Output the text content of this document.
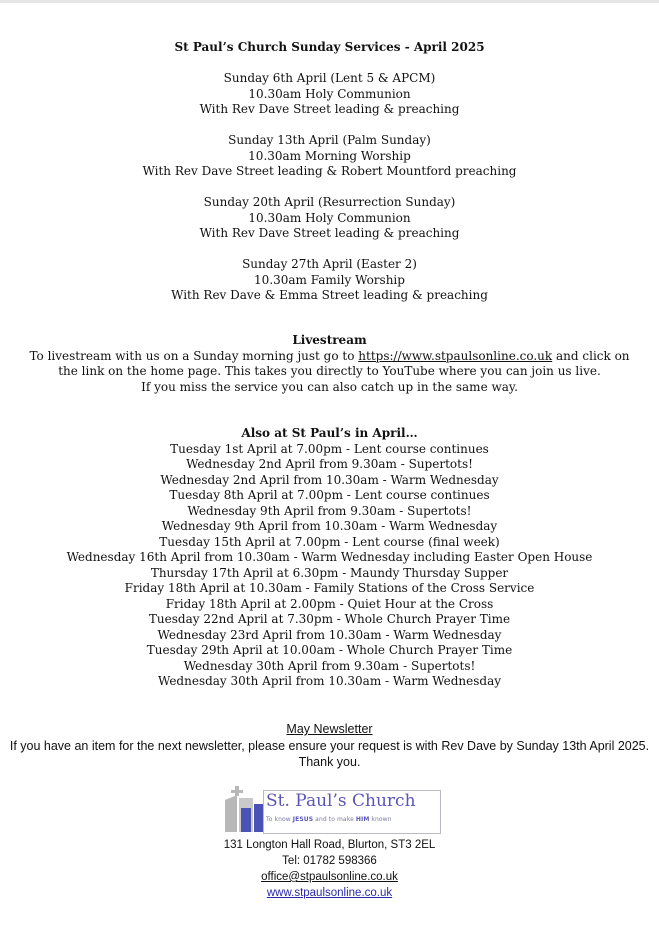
St Paul’s Church Sunday Services - April 2025
Sunday 6th April (Lent 5 & APCM)
10.30am Holy Communion
With Rev Dave Street leading & preaching
Sunday 13th April (Palm Sunday)
10.30am Morning Worship
With Rev Dave Street leading & Robert Mountford preaching
Sunday 20th April (Resurrection Sunday)
10.30am Holy Communion
With Rev Dave Street leading & preaching
Sunday 27th April (Easter 2)
10.30am Family Worship
With Rev Dave & Emma Street leading & preaching
Livestream
To livestream with us on a Sunday morning just go to https://www.stpaulsonline.co.uk and click on
the link on the home page. This takes you directly to YouTube where you can join us live.
If you miss the service you can also catch up in the same way.
Also at St Paul’s in April…
Tuesday 1st April at 7.00pm - Lent course continues
Wednesday 2nd April from 9.30am - Supertots!
Wednesday 2nd April from 10.30am - Warm Wednesday
Tuesday 8th April at 7.00pm - Lent course continues
Wednesday 9th April from 9.30am - Supertots!
Wednesday 9th April from 10.30am - Warm Wednesday
Tuesday 15th April at 7.00pm - Lent course (final week)
Wednesday 16th April from 10.30am - Warm Wednesday including Easter Open House
Thursday 17th April at 6.30pm - Maundy Thursday Supper
Friday 18th April at 10.30am - Family Stations of the Cross Service
Friday 18th April at 2.00pm - Quiet Hour at the Cross
Tuesday 22nd April at 7.30pm - Whole Church Prayer Time
Wednesday 23rd April from 10.30am - Warm Wednesday
Tuesday 29th April at 10.00am - Whole Church Prayer Time
Wednesday 30th April from 9.30am - Supertots!
Wednesday 30th April from 10.30am - Warm Wednesday
May Newsletter
If you have an item for the next newsletter, please ensure your request is with Rev Dave by Sunday 13th April 2025.
Thank you.
St. Paul’s Church
To know JESUS and to make HIM known
131 Longton Hall Road, Blurton, ST3 2EL
Tel: 01782 598366
office@stpaulsonline.co.uk
www.stpaulsonline.co.uk
